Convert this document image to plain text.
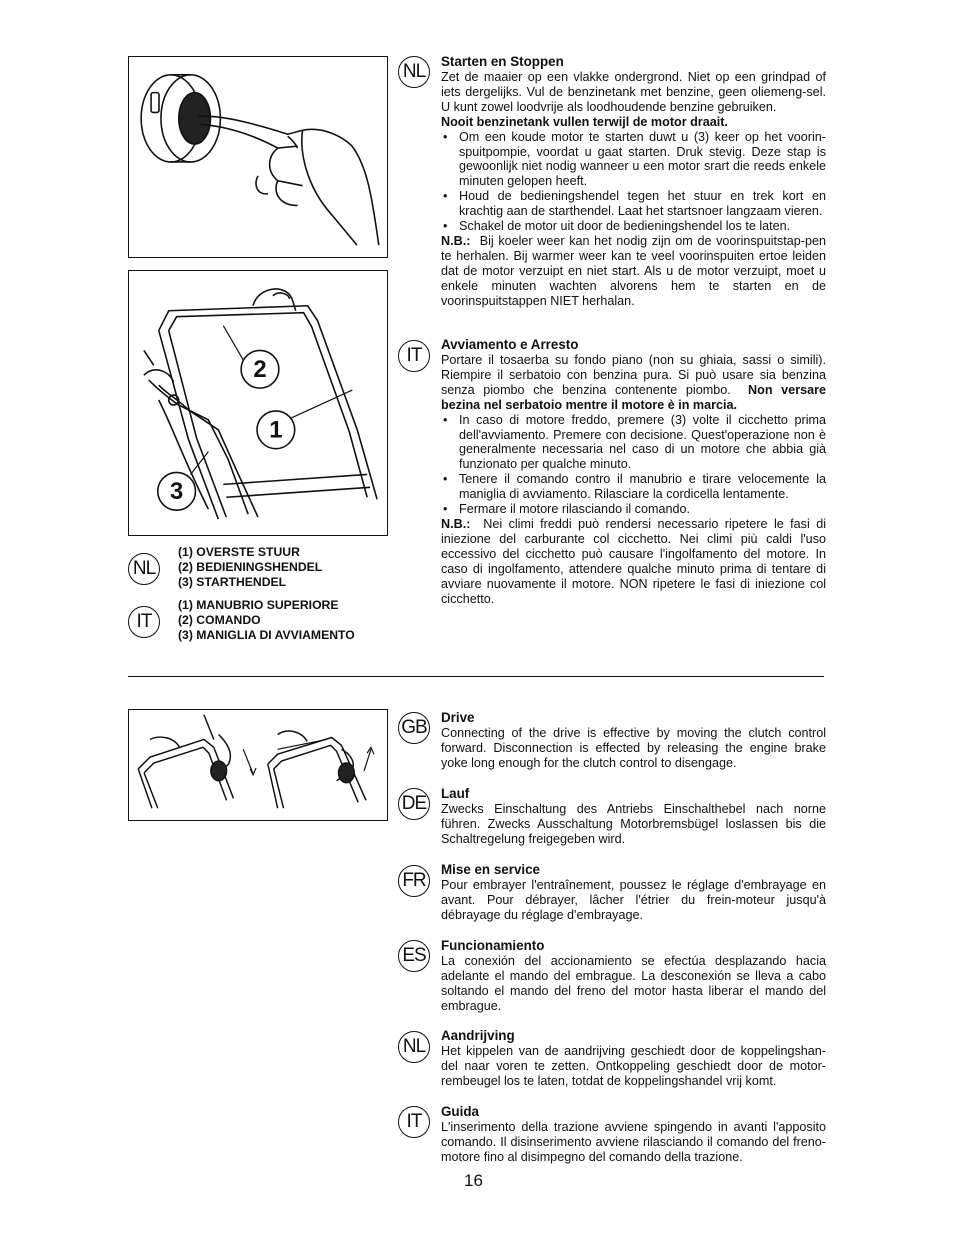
2
1
3
NL
(1) OVERSTE STUUR
(2) BEDIENINGSHENDEL
(3) STARTHENDEL
IT
(1) MANUBRIO SUPERIORE
(2) COMANDO
(3) MANIGLIA DI AVVIAMENTO
NL	Starten en Stoppen

Zet de maaier op een vlakke ondergrond. Niet op een grindpad of iets dergelijks. Vul de benzinetank met benzine, geen oliemeng-sel. U kunt zowel loodvrije als loodhoudende benzine gebruiken.
Nooit benzinetank vullen terwijl de motor draait.

• Om een koude motor te starten duwt u (3) keer op het voorin-spuitpompie, voordat u gaat starten. Druk stevig. Deze stap is gewoonlijk niet nodig wanneer u een motor srart die reeds enkele minuten gelopen heeft.
• Houd de bedieningshendel tegen het stuur en trek kort en krachtig aan de starthendel. Laat het startsnoer langzaam vieren.
• Schakel de motor uit door de bedieningshendel los te laten.

N.B.: Bij koeler weer kan het nodig zijn om de voorinspuitstap-pen te herhalen. Bij warmer weer kan te veel voorinspuiten ertoe leiden dat de motor verzuipt en niet start. Als u de motor verzuipt, moet u enkele minuten wachten alvorens hem te starten en de voorinspuitstappen NIET herhalan.

IT
Avviamento e Arresto

Portare il tosaerba su fondo piano (non su ghiaia, sassi o simili). Riempire il serbatoio con benzina pura. Si può usare sia benzina senza piombo che benzina contenente piombo. Non versare bezina nel serbatoio mentre il motore è in marcia.

• In caso di motore freddo, premere (3) volte il cicchetto prima dell'avviamento. Premere con decisione. Quest'operazione non è generalmente necessaria nel caso di un motore che abbia già funzionato per qualche minuto.
• Tenere il comando contro il manubrio e tirare velocemente la maniglia di avviamento. Rilasciare la cordicella lentamente.
• Fermare il motore rilasciando il comando.

N.B.: Nei climi freddi può rendersi necessario ripetere le fasi di iniezione del carburante col cicchetto. Nei climi più caldi l'uso eccessivo del cicchetto può causare l'ingolfamento del motore. In caso di ingolfamento, attendere qualche minuto prima di tentare di avviare nuovamente il motore. NON ripetere le fasi di iniezione col cicchetto.

GB Drive

Connecting of the drive is effective by moving the clutch control forward. Disconnection is effected by releasing the engine brake yoke long enough for the clutch control to disengage.

DE Lauf

Zwecks Einschaltung des Antriebs Einschalthebel nach norne führen. Zwecks Ausschaltung Motorbremsbügel loslassen bis die Schaltregelung freigegeben wird.

FR
Mise en service

Pour embrayer l'entraînement, poussez le réglage d'embrayage en avant. Pour débrayer, lâcher l'étrier du frein-moteur jusqu'à débrayage du réglage d'embrayage.

ES	Funcionamiento

La conexión del accionamiento se efectúa desplazando hacia adelante el mando del embrague. La desconexión se lleva a cabo soltando el mando del freno del motor hasta liberar el mando del embrague.

NL
Aandrijving

Het kippelen van de aandrijving geschiedt door de koppelingshan-del naar voren te zetten. Ontkoppeling geschiedt door de motor-rembeugel los te laten, totdat de koppelingshandel vrij komt.

IT	Guida

L'inserimento della trazione avviene spingendo in avanti l'apposito comando. Il disinserimento avviene rilasciando il comando del freno-motore fino al disimpegno del comando della trazione.

16
